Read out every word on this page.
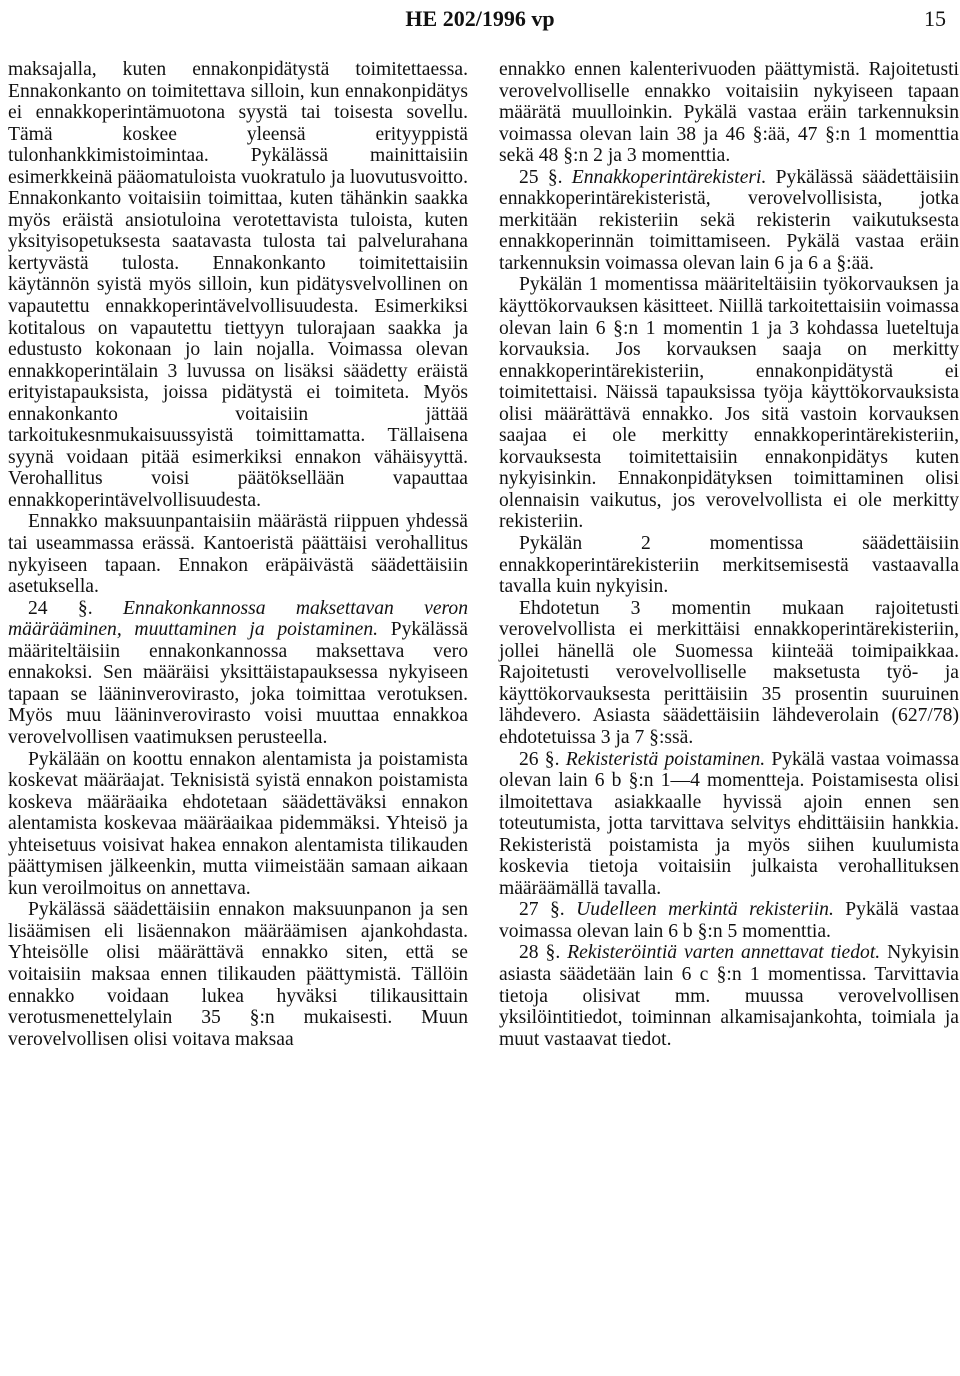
HE 202/1996 vp	15

maksajalla, kuten ennakonpidätystä toimitettaessa. Ennakonkanto on toimitettava silloin, kun ennakonpidätys ei ennakkoperintämuotona syystä tai toisesta sovellu. Tämä koskee yleensä erityyppistä tulonhankkimistoimintaa. Pykälässä mainittaisiin esimerkkeinä pääomatuloista vuokratulo ja luovutusvoitto. Ennakonkanto voitaisiin toimittaa, kuten tähänkin saakka myös eräistä ansiotuloina verotettavista tuloista, kuten yksityisopetuksesta saatavasta tulosta tai palvelurahana kertyvästä tulosta. Ennakonkanto toimitettaisiin käytännön syistä myös silloin, kun pidätysvelvollinen on vapautettu ennakkoperintävelvollisuudesta. Esimerkiksi kotitalous on vapautettu tiettyyn tulorajaan saakka ja edustusto kokonaan jo lain nojalla. Voimassa olevan ennakkoperintälain 3 luvussa on lisäksi säädetty eräistä erityistapauksista, joissa pidätystä ei toimiteta. Myös ennakonkanto voitaisiin jättää tarkoitukesnmukaisuussyistä toimittamatta. Tällaisena syynä voidaan pitää esimerkiksi ennakon vähäisyyttä. Verohallitus voisi päätöksellään vapauttaa ennakkoperintävelvollisuudesta.

Ennakko maksuunpantaisiin määrästä riippuen yhdessä tai useammassa erässä. Kantoeristä päättäisi verohallitus nykyiseen tapaan. Ennakon eräpäivästä säädettäisiin asetuksella.

24 §. Ennakonkannossa maksettavan veron määrääminen, muuttaminen ja poistaminen. Pykälässä määriteltäisiin ennakonkannossa maksettava vero ennakoksi. Sen määräisi yksittäistapauksessa nykyiseen tapaan se lääninverovirasto, joka toimittaa verotuksen. Myös muu lääninverovirasto voisi muuttaa ennakkoa verovelvollisen vaatimuksen perusteella.

Pykälään on koottu ennakon alentamista ja poistamista koskevat määräajat. Teknisistä syistä ennakon poistamista koskeva määräaika ehdotetaan säädettäväksi ennakon alentamista koskevaa määräaikaa pidemmäksi. Yhteisö ja yhteisetuus voisivat hakea ennakon alentamista tilikauden päättymisen jälkeenkin, mutta viimeistään samaan aikaan kun veroilmoitus on annettava.

Pykälässä säädettäisiin ennakon maksuunpanon ja sen lisäämisen eli lisäennakon määräämisen ajankohdasta. Yhteisölle olisi määrättävä ennakko siten, että se voitaisiin maksaa ennen tilikauden päättymistä. Tällöin ennakko voidaan lukea hyväksi tilikausittain verotusmenettelylain 35 §:n mukaisesti. Muun verovelvollisen olisi voitava maksaa

ennakko ennen kalenterivuoden päättymistä. Rajoitetusti verovelvolliselle ennakko voitaisiin nykyiseen tapaan määrätä muulloinkin. Pykälä vastaa eräin tarkennuksin voimassa olevan lain 38 ja 46 §:ää, 47 §:n 1 momenttia sekä 48 §:n 2 ja 3 momenttia.

25 §. Ennakkoperintärekisteri. Pykälässä säädettäisiin ennakkoperintärekisteristä, verovelvollisista, jotka merkitään rekisteriin sekä rekisterin vaikutuksesta ennakkoperinnän toimittamiseen. Pykälä vastaa eräin tarkennuksin voimassa olevan lain 6 ja 6 a §:ää.

Pykälän 1 momentissa määriteltäisiin työkorvauksen ja käyttökorvauksen käsitteet. Niillä tarkoitettaisiin voimassa olevan lain 6 §:n 1 momentin 1 ja 3 kohdassa lueteltuja korvauksia. Jos korvauksen saaja on merkitty ennakkoperintärekisteriin, ennakonpidätystä ei toimitettaisi. Näissä tapauksissa työja käyttökorvauksista olisi määrättävä ennakko. Jos sitä vastoin korvauksen saajaa ei ole merkitty ennakkoperintärekisteriin, korvauksesta toimitettaisiin ennakonpidätys kuten nykyisinkin. Ennakonpidätyksen toimittaminen olisi olennaisin vaikutus, jos verovelvollista ei ole merkitty rekisteriin.

Pykälän 2 momentissa säädettäisiin ennakkoperintärekisteriin merkitsemisestä vastaavalla tavalla kuin nykyisin.

Ehdotetun 3 momentin mukaan rajoitetusti verovelvollista ei merkittäisi ennakkoperintärekisteriin, jollei hänellä ole Suomessa kiinteää toimipaikkaa. Rajoitetusti verovelvolliselle maksetusta työ- ja käyttökorvauksesta perittäisiin 35 prosentin suuruinen lähdevero. Asiasta säädettäisiin lähdeverolain (627/78) ehdotetuissa 3 ja 7 §:ssä.

26 §. Rekisteristä poistaminen. Pykälä vastaa voimassa olevan lain 6 b §:n 1—4 momentteja. Poistamisesta olisi ilmoitettava asiakkaalle hyvissä ajoin ennen sen toteutumista, jotta tarvittava selvitys ehdittäisiin hankkia. Rekisteristä poistamista ja myös siihen kuulumista koskevia tietoja voitaisiin julkaista verohallituksen määräämällä tavalla.

27 §. Uudelleen merkintä rekisteriin. Pykälä vastaa voimassa olevan lain 6 b §:n 5 momenttia.

28 §. Rekisteröintiä varten annettavat tiedot. Nykyisin asiasta säädetään lain 6 c §:n 1 momentissa. Tarvittavia tietoja olisivat mm. muussa verovelvollisen yksilöintitiedot, toiminnan alkamisajankohta, toimiala ja muut vastaavat tiedot.
